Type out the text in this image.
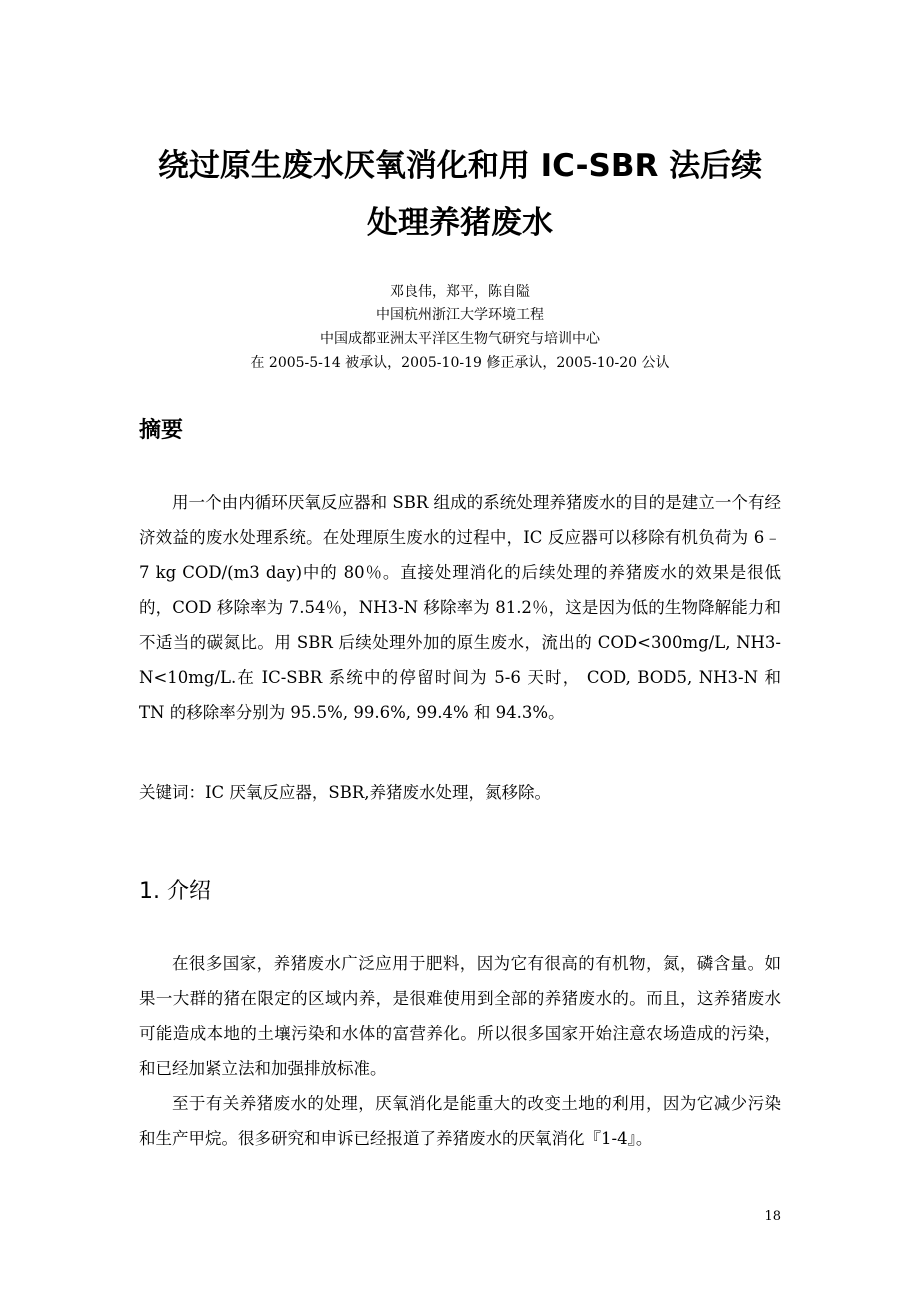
绕过原生废水厌氧消化和用 IC-SBR 法后续
处理养猪废水
邓良伟，郑平，陈自隘
中国杭州浙江大学环境工程
中国成都亚洲太平洋区生物气研究与培训中心
在 2005-5-14 被承认，2005-10-19 修正承认，2005-10-20 公认
摘要

用一个由内循环厌氧反应器和 SBR 组成的系统处理养猪废水的目的是建立一个有经济效益的废水处理系统。在处理原生废水的过程中，IC 反应器可以移除有机负荷为 6﹣7 kg COD/(m3 day)中的 80％。直接处理消化的后续处理的养猪废水的效果是很低的，COD 移除率为 7.54％，NH3-N 移除率为 81.2％，这是因为低的生物降解能力和不适当的碳氮比。用 SBR 后续处理外加的原生废水，流出的 COD<300mg/L, NH3-N<10mg/L.在 IC-SBR 系统中的停留时间为 5-6 天时， COD, BOD5, NH3-N 和 TN 的移除率分别为 95.5%, 99.6%, 99.4% 和 94.3%。

关键词：IC 厌氧反应器，SBR,养猪废水处理，氮移除。

1. 介绍

在很多国家，养猪废水广泛应用于肥料，因为它有很高的有机物，氮，磷含量。如果一大群的猪在限定的区域内养，是很难使用到全部的养猪废水的。而且，这养猪废水可能造成本地的土壤污染和水体的富营养化。所以很多国家开始注意农场造成的污染，和已经加紧立法和加强排放标准。

至于有关养猪废水的处理，厌氧消化是能重大的改变土地的利用，因为它减少污染和生产甲烷。很多研究和申诉已经报道了养猪废水的厌氧消化『1-4』。

18
